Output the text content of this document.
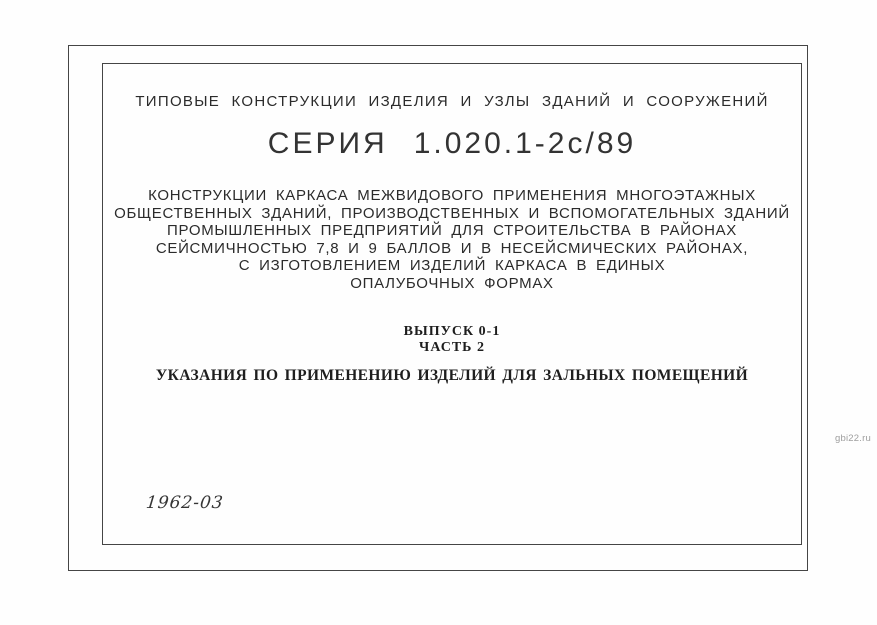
ТИПОВЫЕ КОНСТРУКЦИИ ИЗДЕЛИЯ И УЗЛЫ ЗДАНИЙ И СООРУЖЕНИЙ
СЕРИЯ 1.020.1-2с/89
КОНСТРУКЦИИ КАРКАСА МЕЖВИДОВОГО ПРИМЕНЕНИЯ МНОГОЭТАЖНЫХ
ОБЩЕСТВЕННЫХ ЗДАНИЙ, ПРОИЗВОДСТВЕННЫХ И ВСПОМОГАТЕЛЬНЫХ ЗДАНИЙ
ПРОМЫШЛЕННЫХ ПРЕДПРИЯТИЙ ДЛЯ СТРОИТЕЛЬСТВА В РАЙОНАХ
СЕЙСМИЧНОСТЬЮ 7,8 И 9 БАЛЛОВ И В НЕСЕЙСМИЧЕСКИХ РАЙОНАХ,
С ИЗГОТОВЛЕНИЕМ ИЗДЕЛИЙ КАРКАСА В ЕДИНЫХ
ОПАЛУБОЧНЫХ ФОРМАХ
ВЫПУСК 0-1
ЧАСТЬ 2
УКАЗАНИЯ ПО ПРИМЕНЕНИЮ ИЗДЕЛИЙ ДЛЯ ЗАЛЬНЫХ ПОМЕЩЕНИЙ
1962-03
gbi22.ru
